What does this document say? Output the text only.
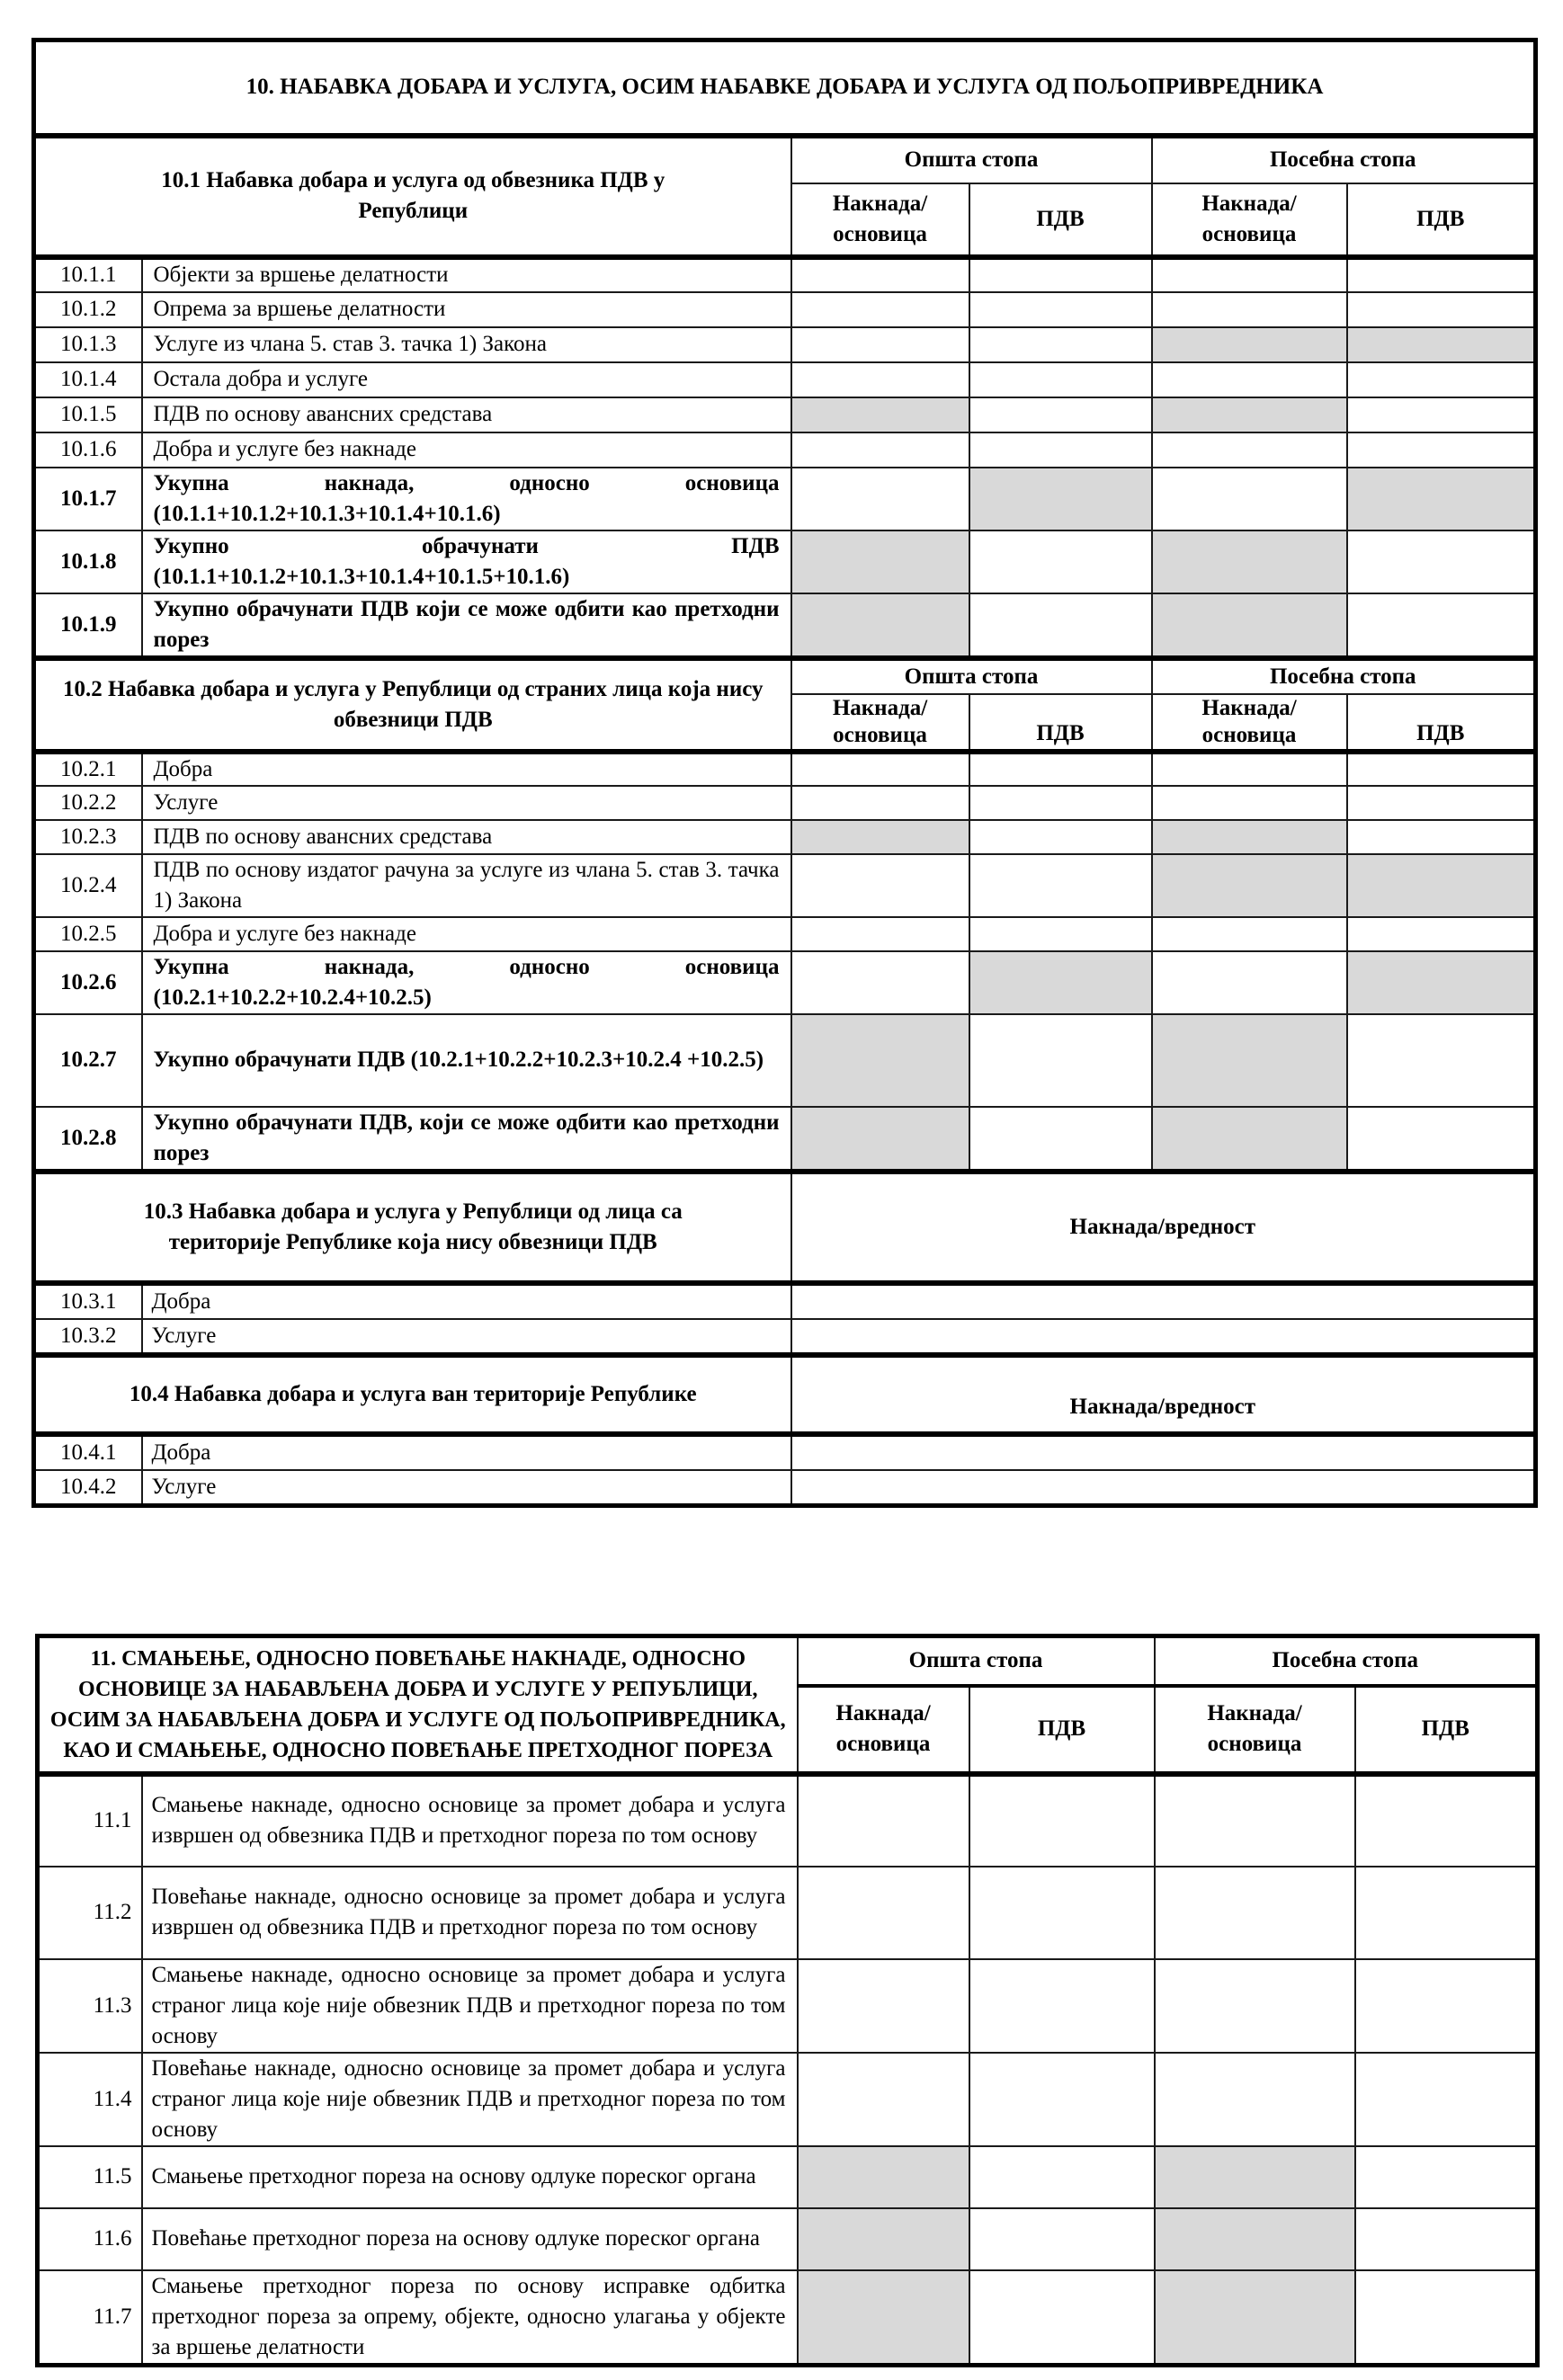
10. НАБАВКА ДОБАРА И УСЛУГА, ОСИМ НАБАВКЕ ДОБАРА И УСЛУГА ОД ПОЉОПРИВРЕДНИКА					

10.1 Набавка добара и услуга од обвезника ПДВ у Републици		Општа стопа		Посебна стопа	
		Накнада/ основица	ПДВ	Накнада/ основица	ПДВ
10.1.1	Објекти за вршење делатности				
10.1.2	Опрема за вршење делатности				
10.1.3	Услуге из члана 5. став 3. тачка 1) Закона				
10.1.4	Остала добра и услуге				
10.1.5	ПДВ по основу авансних средстава				
10.1.6	Добра и услуге без накнаде				
10.1.7	Укупна накнада, односно основица (10.1.1+10.1.2+10.1.3+10.1.4+10.1.6)				
10.1.8	Укупно обрачунати ПДВ (10.1.1+10.1.2+10.1.3+10.1.4+10.1.5+10.1.6)				
10.1.9	Укупно обрачунати ПДВ који се може одбити као претходни порез				

10.2 Набавка добара и услуга у Републици од страних лица која нису обвезници ПДВ		Општа стопа		Посебна стопа	
		Накнада/ основица	ПДВ	Накнада/ основица	ПДВ
10.2.1	Добра				
10.2.2	Услуге				
10.2.3	ПДВ по основу авансних средстава				
10.2.4	ПДВ по основу издатог рачуна за услуге из члана 5. став 3. тачка 1) Закона				
10.2.5	Добра и услуге без накнаде				
10.2.6	Укупна накнада, односно основица (10.2.1+10.2.2+10.2.4+10.2.5)				
10.2.7	Укупно обрачунати ПДВ (10.2.1+10.2.2+10.2.3+10.2.4 +10.2.5)				
10.2.8	Укупно обрачунати ПДВ, који се може одбити као претходни порез				

10.3 Набавка добара и услуга у Републици од лица са територије Републике која нису обвезници ПДВ		Накнада/вредност			
10.3.1	Добра				
10.3.2	Услуге				
10.4 Набавка добара и услуга ван територије Републике		Накнада/вредност			
10.4.1	Добра				
10.4.2	Услуге				
11. СМАЊЕЊЕ, ОДНОСНО ПОВЕЋАЊЕ НАКНАДЕ, ОДНОСНО ОСНОВИЦЕ ЗА НАБАВЉЕНА ДОБРА И УСЛУГЕ У РЕПУБЛИЦИ, ОСИМ ЗА НАБАВЉЕНА ДОБРА И УСЛУГЕ ОД ПОЉОПРИВРЕДНИКА, КАО И СМАЊЕЊЕ, ОДНОСНО ПОВЕЋАЊЕ ПРЕТХОДНОГ ПОРЕЗА		Општа стопа		Посебна стопа	
		Накнада/ основица	ПДВ	Накнада/ основица	ПДВ
11.1	Смањење накнаде, односно основице за промет добара и услуга извршен од обвезника ПДВ и претходног пореза по том основу				
11.2	Повећање накнаде, односно основице за промет добара и услуга извршен од обвезника ПДВ и претходног пореза по том основу				
11.3	Смањење накнаде, односно основице за промет добара и услуга страног лица које није обвезник ПДВ и претходног пореза по том основу				
11.4	Повећање накнаде, односно основице за промет добара и услуга страног лица које није обвезник ПДВ и претходног пореза по том основу				
11.5	Смањење претходног пореза на основу одлуке пореског органа				
11.6	Повећање претходног пореза на основу одлуке пореског органа				
11.7	Смањење претходног пореза по основу исправке одбитка претходног пореза за опрему, објекте, односно улагања у објекте за вршење делатности				
